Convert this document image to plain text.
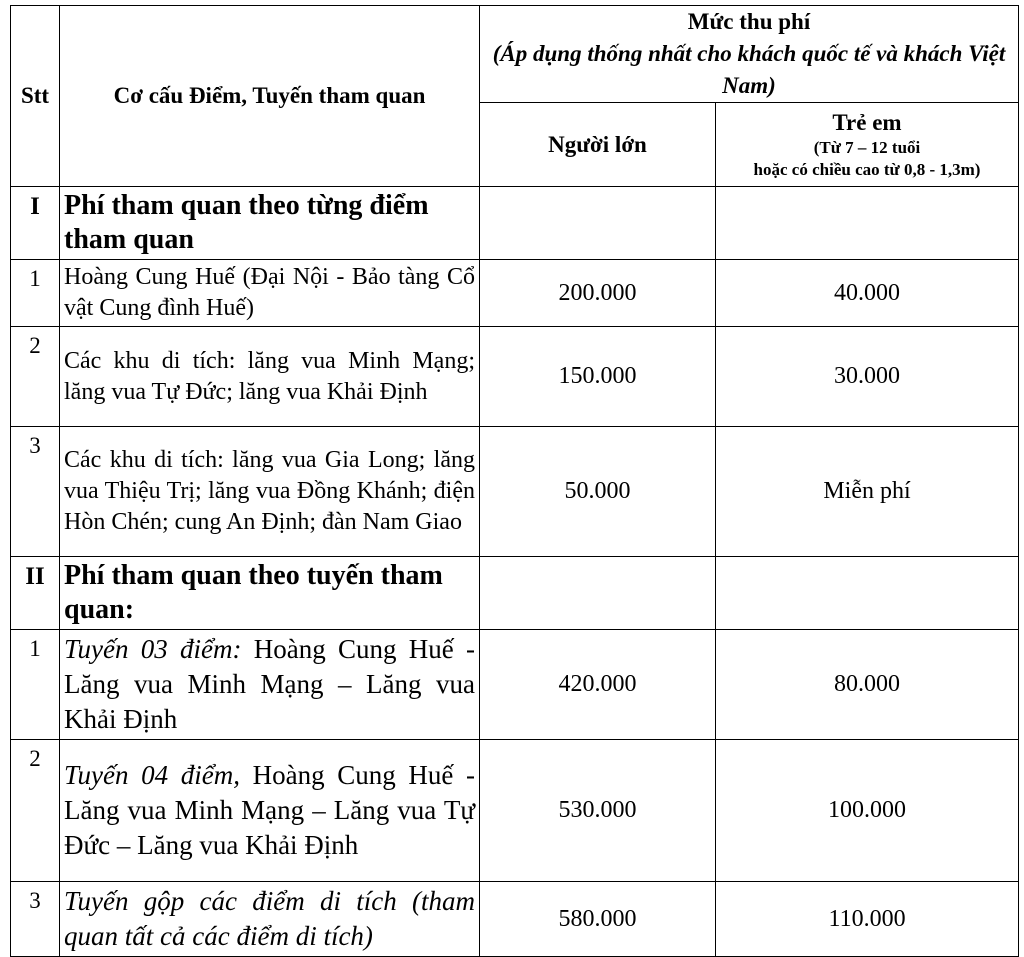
Stt	Cơ cấu Điểm, Tuyến tham quan	Mức thu phí
(Áp dụng thống nhất cho khách quốc tế và khách Việt Nam)	

		Người lớn	Trẻ em
(Từ 7 – 12 tuổi
hoặc có chiều cao từ 0,8 - 1,3m)

I	Phí tham quan theo từng điểm tham quan		
1	Hoàng Cung Huế (Đại Nội - Bảo tàng Cổ vật Cung đình Huế)	200.000	40.000
2	Các khu di tích: lăng vua Minh Mạng; lăng vua Tự Đức; lăng vua Khải Định	150.000	30.000
3	Các khu di tích: lăng vua Gia Long; lăng vua Thiệu Trị; lăng vua Đồng Khánh; điện Hòn Chén; cung An Định; đàn Nam Giao	50.000	Miễn phí
II	Phí tham quan theo tuyến tham quan:		
1	Tuyến 03 điểm: Hoàng Cung Huế - Lăng vua Minh Mạng – Lăng vua Khải Định	420.000	80.000
2	Tuyến 04 điểm, Hoàng Cung Huế - Lăng vua Minh Mạng – Lăng vua Tự Đức – Lăng vua Khải Định	530.000	100.000
3	Tuyến gộp các điểm di tích (tham quan tất cả các điểm di tích)	580.000	110.000
